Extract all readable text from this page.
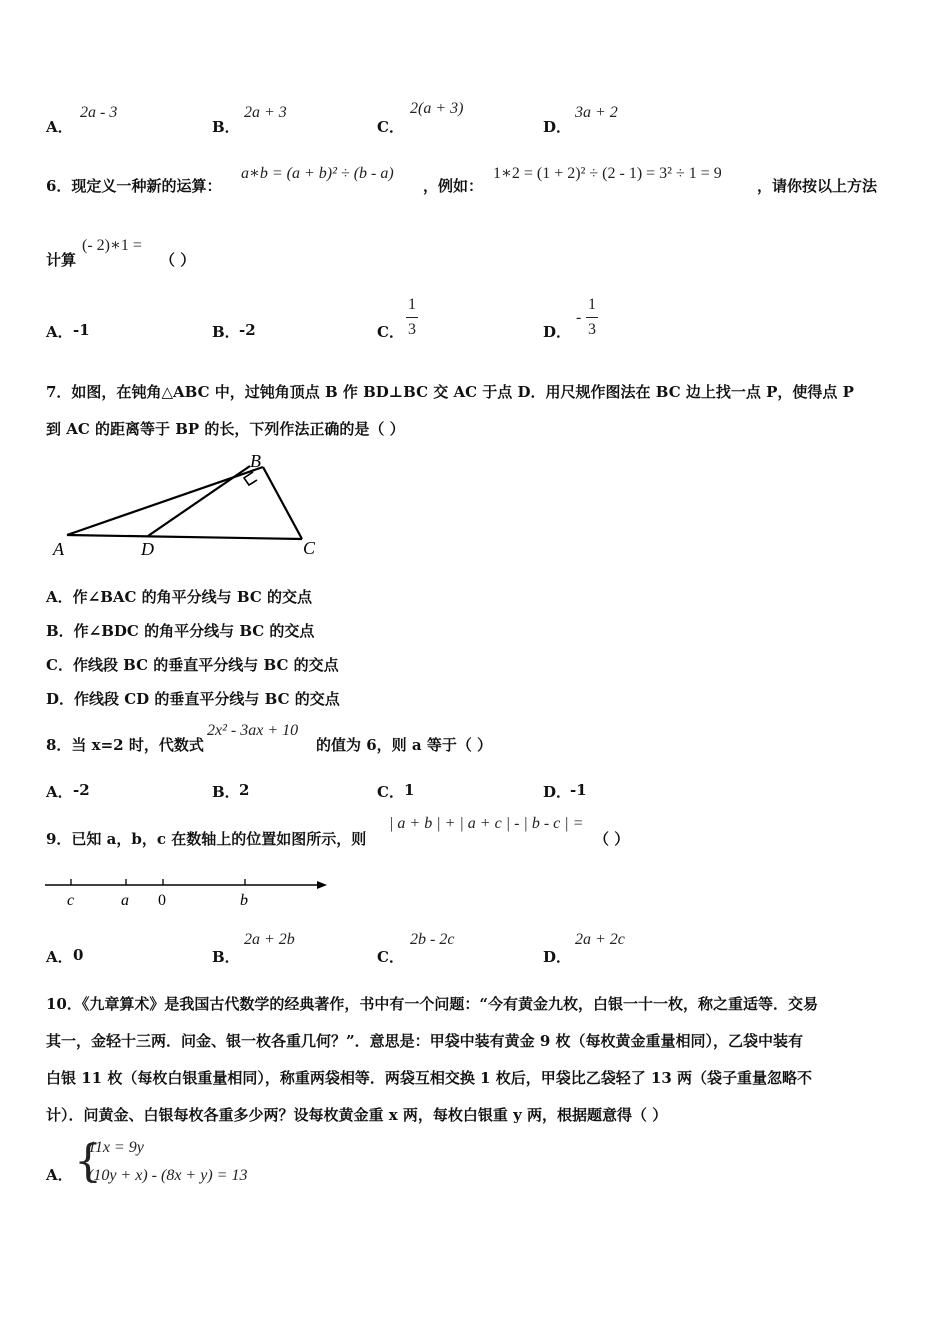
A．
2a - 3
B．
2a + 3
C．
2(a + 3)
D．
3a + 2
6．现定义一种新的运算：
a∗b = (a + b)² ÷ (b - a)
，例如：
1∗2 = (1 + 2)² ÷ (2 - 1) = 3² ÷ 1 = 9
，请你按以上方法
计算
(- 2)∗1 =
（ ）
A． -1	B． -2	C．
1
3	D．
-
1
3
7．如图，在钝角△ABC 中，过钝角顶点 B 作 BD⊥BC 交 AC 于点 D．用尺规作图法在 BC 边上找一点 P，使得点 P
到 AC 的距离等于 BP 的长，下列作法正确的是（ ）
A
B
C
D
A．作∠BAC 的角平分线与 BC 的交点
B．作∠BDC 的角平分线与 BC 的交点
C．作线段 BC 的垂直平分线与 BC 的交点
D．作线段 CD 的垂直平分线与 BC 的交点
8．当 x=2 时，代数式
2x² - 3ax + 10
的值为 6，则 a 等于（ ）
A． -2	B． 2	C． 1	D．
-1
9．已知 a，b，c 在数轴上的位置如图所示，则
| a + b | + | a + c | - | b - c | =
（ ）
c	a 0	b
A． 0	B．
2a + 2b
C．
2b - 2c
D．
2a + 2c
10．《九章算术》是我国古代数学的经典著作，书中有一个问题：“今有黄金九枚，白银一十一枚，称之重适等．交易
其一，金轻十三两．问金、银一枚各重几何？”．意思是：甲袋中装有黄金 9 枚（每枚黄金重量相同），乙袋中装有
白银 11 枚（每枚白银重量相同），称重两袋相等．两袋互相交换 1 枚后，甲袋比乙袋轻了 13 两（袋子重量忽略不
计）．问黄金、白银每枚各重多少两？设每枚黄金重 x 两，每枚白银重 y 两，根据题意得（ ）
A． {
11x = 9y
(10y + x) - (8x + y) = 13
